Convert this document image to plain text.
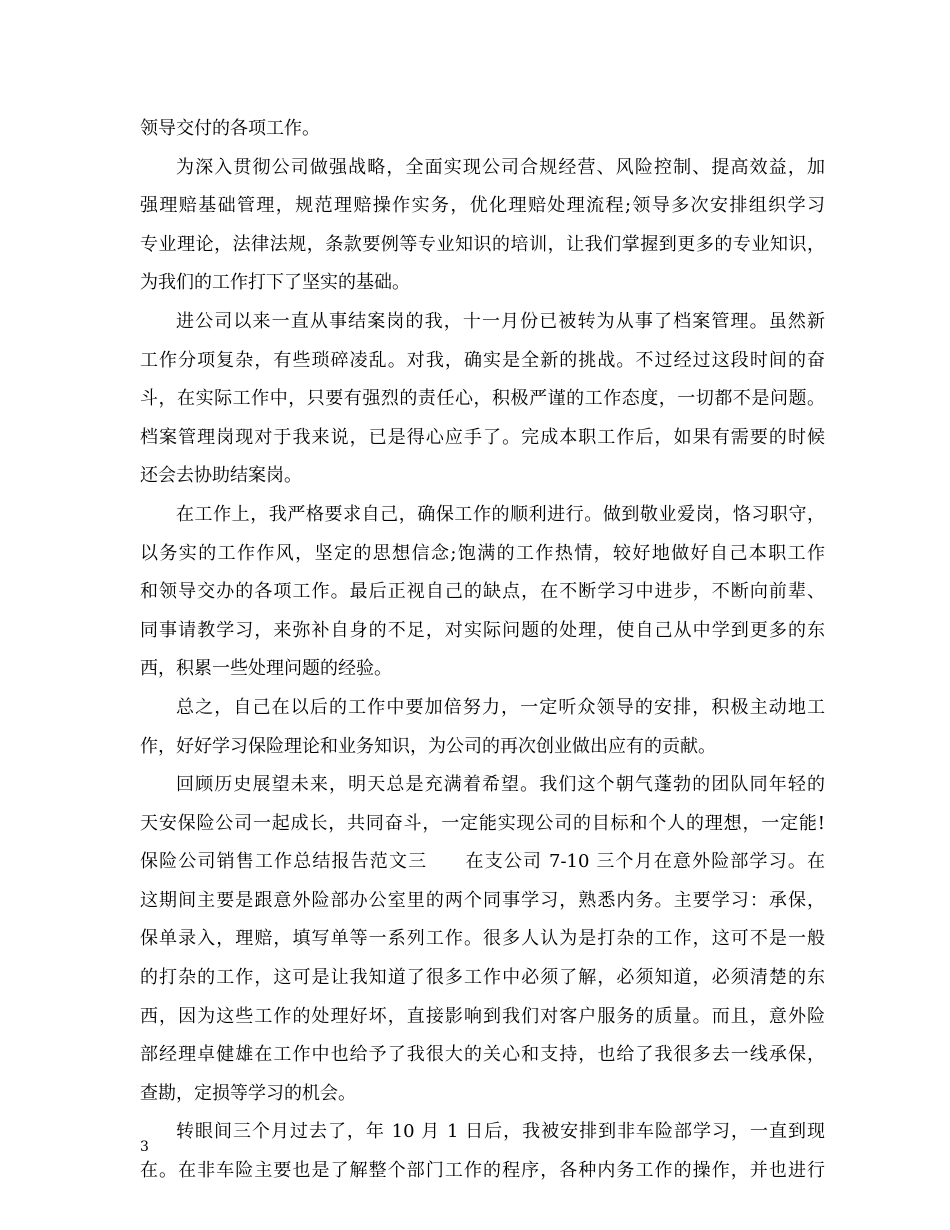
领导交付的各项工作。
为深入贯彻公司做强战略，全面实现公司合规经营、风险控制、提高效益，加
强理赔基础管理，规范理赔操作实务，优化理赔处理流程;领导多次安排组织学习
专业理论，法律法规，条款要例等专业知识的培训，让我们掌握到更多的专业知识，
为我们的工作打下了坚实的基础。
进公司以来一直从事结案岗的我，十一月份已被转为从事了档案管理。虽然新
工作分项复杂，有些琐碎凌乱。对我，确实是全新的挑战。不过经过这段时间的奋
斗，在实际工作中，只要有强烈的责任心，积极严谨的工作态度，一切都不是问题。
档案管理岗现对于我来说，已是得心应手了。完成本职工作后，如果有需要的时候
还会去协助结案岗。
在工作上，我严格要求自己，确保工作的顺利进行。做到敬业爱岗，恪习职守，
以务实的工作作风，坚定的思想信念;饱满的工作热情，较好地做好自己本职工作
和领导交办的各项工作。最后正视自己的缺点，在不断学习中进步，不断向前辈、
同事请教学习，来弥补自身的不足，对实际问题的处理，使自己从中学到更多的东
西，积累一些处理问题的经验。
总之，自己在以后的工作中要加倍努力，一定听众领导的安排，积极主动地工
作，好好学习保险理论和业务知识，为公司的再次创业做出应有的贡献。
回顾历史展望未来，明天总是充满着希望。我们这个朝气蓬勃的团队同年轻的
天安保险公司一起成长，共同奋斗，一定能实现公司的目标和个人的理想，一定能!
保险公司销售工作总结报告范文三　　在支公司 7-10 三个月在意外险部学习。在
这期间主要是跟意外险部办公室里的两个同事学习，熟悉内务。主要学习：承保，
保单录入，理赔，填写单等一系列工作。很多人认为是打杂的工作，这可不是一般
的打杂的工作，这可是让我知道了很多工作中必须了解，必须知道，必须清楚的东
西，因为这些工作的处理好坏，直接影响到我们对客户服务的质量。而且，意外险
部经理卓健雄在工作中也给予了我很大的关心和支持，也给了我很多去一线承保，
查勘，定损等学习的机会。
转眼间三个月过去了，年 10 月 1 日后，我被安排到非车险部学习，一直到现
在。在非车险主要也是了解整个部门工作的程序，各种内务工作的操作，并也进行
3
